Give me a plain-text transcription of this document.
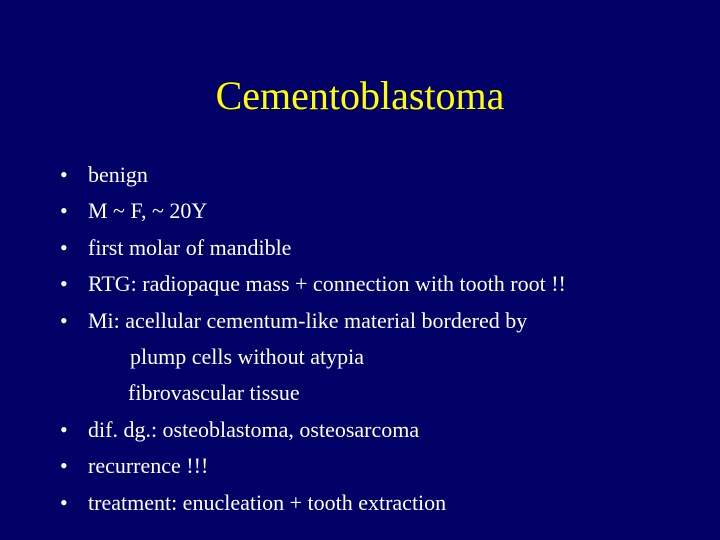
Cementoblastoma
• benign
• M ~ F, ~ 20Y
• first molar of mandible
• RTG: radiopaque mass + connection with tooth root !!
• Mi: acellular cementum-like material bordered by
plump cells without atypia
fibrovascular tissue
• dif. dg.: osteoblastoma, osteosarcoma
• recurrence !!!
• treatment: enucleation + tooth extraction
